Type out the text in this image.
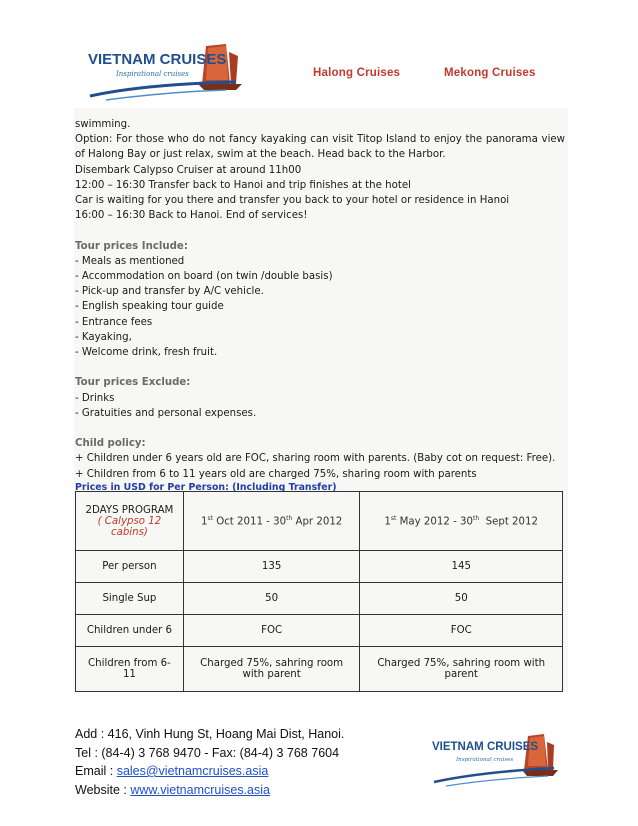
VIETNAM CRUISES
Inspirational cruises	Halong Cruises	Mekong Cruises

swimming.

Option: For those who do not fancy kayaking can visit Titop Island to enjoy the panorama view of Halong Bay or just relax, swim at the beach. Head back to the Harbor.

Disembark Calypso Cruiser at around 11h00

12:00 – 16:30 Transfer back to Hanoi and trip finishes at the hotel

Car is waiting for you there and transfer you back to your hotel or residence in Hanoi

16:00 – 16:30 Back to Hanoi. End of services!

Tour prices Include:

- Meals as mentioned

- Accommodation on board (on twin /double basis)

- Pick-up and transfer by A/C vehicle.

- English speaking tour guide

- Entrance fees

- Kayaking,

- Welcome drink, fresh fruit.

Tour prices Exclude:

- Drinks

- Gratuities and personal expenses.

Child policy:

+ Children under 6 years old are FOC, sharing room with parents. (Baby cot on request: Free).

+ Children from 6 to 11 years old are charged 75%, sharing room with parents

Prices in USD for Per Person: (Including Transfer)

2DAYS PROGRAM
( Calypso 12 cabins)	1st Oct 2011 - 30th Apr 2012	1st May 2012 - 30th  Sept 2012
Per person	135	145
Single Sup	50	50
Children under 6	FOC	FOC
Children from 6-11	Charged 75%, sahring room with parent	Charged 75%, sahring room with parent
Add : 416, Vinh Hung St, Hoang Mai Dist, Hanoi.
Tel : (84-4) 3 768 9470 - Fax: (84-4) 3 768 7604
Email : sales@vietnamcruises.asia
Website : www.vietnamcruises.asia
VIETNAM CRUISES
Inspirational cruises
